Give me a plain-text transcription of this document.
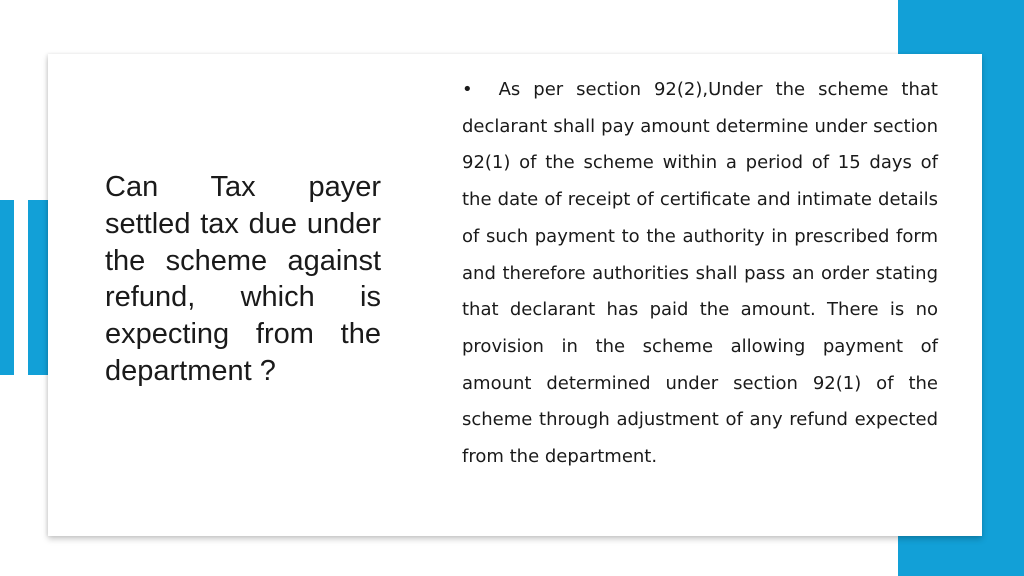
Can Tax payer settled tax due under the scheme against refund, which is expecting from the department ?

• As per section 92(2),Under the scheme that declarant shall pay amount determine under section 92(1) of the scheme within a period of 15 days of the date of receipt of certificate and intimate details of such payment to the authority in prescribed form and therefore authorities shall pass an order stating that declarant has paid the amount. There is no provision in the scheme allowing payment of amount determined under section 92(1) of the scheme through adjustment of any refund expected from the department.
